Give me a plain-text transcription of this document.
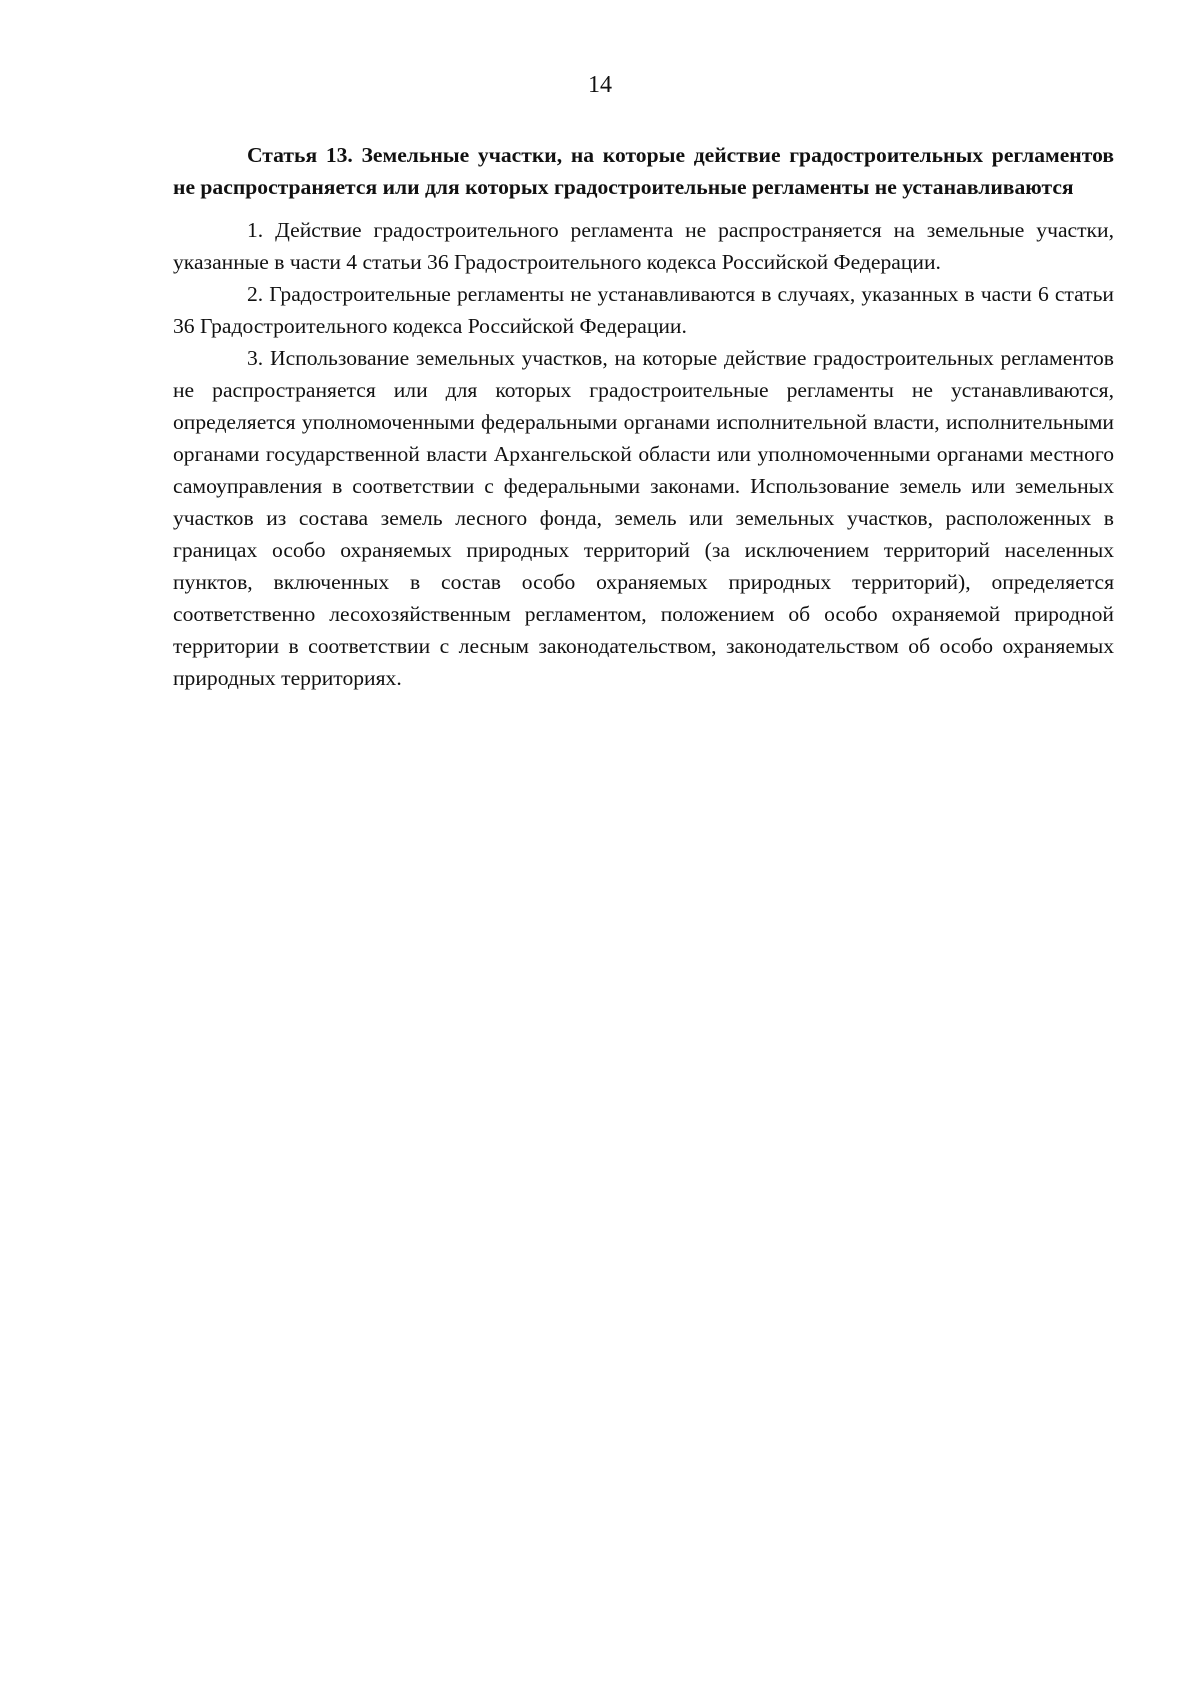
14

Статья 13. Земельные участки, на которые действие градостроительных регламентов не распространяется или для которых градостроительные регламенты не устанавливаются

1. Действие градостроительного регламента не распространяется на земельные участки, указанные в части 4 статьи 36 Градостроительного кодекса Российской Федерации.

2. Градостроительные регламенты не устанавливаются в случаях, указанных в части 6 статьи 36 Градостроительного кодекса Российской Федерации.

3. Использование земельных участков, на которые действие градостроительных регламентов не распространяется или для которых градостроительные регламенты не устанавливаются, определяется уполномоченными федеральными органами исполнительной власти, исполнительными органами государственной власти Архангельской области или уполномоченными органами местного самоуправления в соответствии с федеральными законами. Использование земель или земельных участков из состава земель лесного фонда, земель или земельных участков, расположенных в границах особо охраняемых природных территорий (за исключением территорий населенных пунктов, включенных в состав особо охраняемых природных территорий), определяется соответственно лесохозяйственным регламентом, положением об особо охраняемой природной территории в соответствии с лесным законодательством, законодательством об особо охраняемых природных территориях.
